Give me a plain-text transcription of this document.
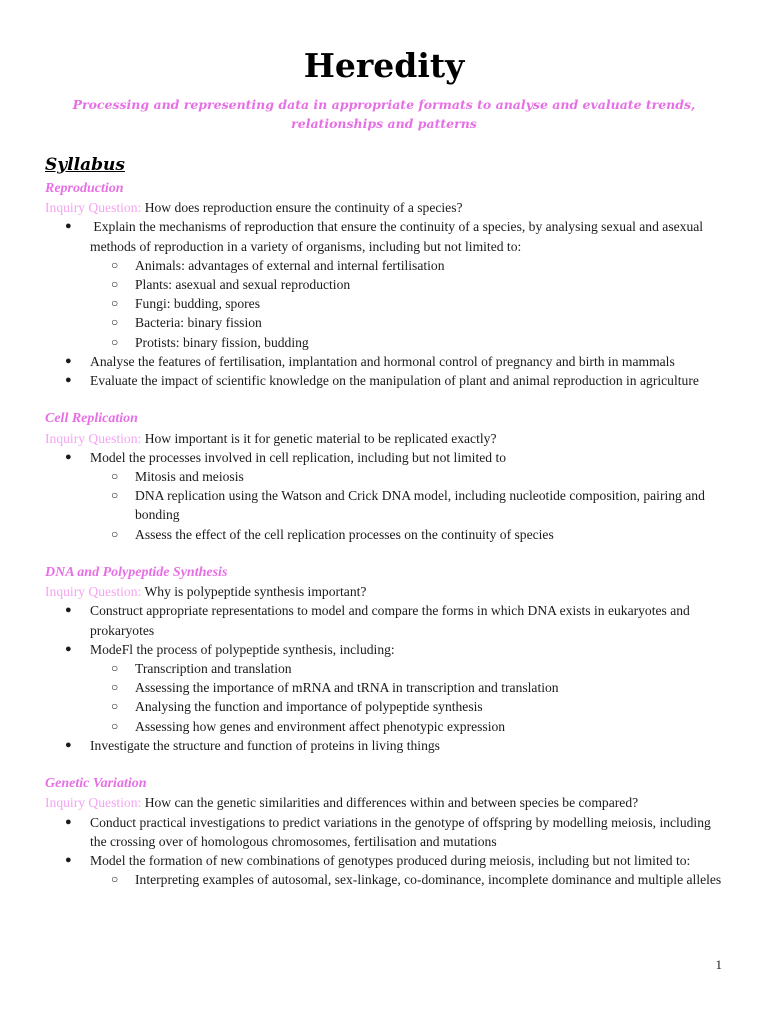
Heredity
Processing and representing data in appropriate formats to analyse and evaluate trends, relationships and patterns
Syllabus
Reproduction
Inquiry Question: How does reproduction ensure the continuity of a species?
● Explain the mechanisms of reproduction that ensure the continuity of a species, by analysing sexual and asexual methods of reproduction in a variety of organisms, including but not limited to:
○ Animals: advantages of external and internal fertilisation
○ Plants: asexual and sexual reproduction
○ Fungi: budding, spores
○ Bacteria: binary fission
○ Protists: binary fission, budding
● Analyse the features of fertilisation, implantation and hormonal control of pregnancy and birth in mammals
● Evaluate the impact of scientific knowledge on the manipulation of plant and animal reproduction in agriculture
Cell Replication
Inquiry Question: How important is it for genetic material to be replicated exactly?
● Model the processes involved in cell replication, including but not limited to
○ Mitosis and meiosis
○ DNA replication using the Watson and Crick DNA model, including nucleotide composition, pairing and bonding
○ Assess the effect of the cell replication processes on the continuity of species
DNA and Polypeptide Synthesis
Inquiry Question: Why is polypeptide synthesis important?
● Construct appropriate representations to model and compare the forms in which DNA exists in eukaryotes and prokaryotes
● ModeFl the process of polypeptide synthesis, including:
○ Transcription and translation
○ Assessing the importance of mRNA and tRNA in transcription and translation
○ Analysing the function and importance of polypeptide synthesis
○ Assessing how genes and environment affect phenotypic expression
● Investigate the structure and function of proteins in living things
Genetic Variation
Inquiry Question: How can the genetic similarities and differences within and between species be compared?
● Conduct practical investigations to predict variations in the genotype of offspring by modelling meiosis, including the crossing over of homologous chromosomes, fertilisation and mutations
● Model the formation of new combinations of genotypes produced during meiosis, including but not limited to:
○ Interpreting examples of autosomal, sex-linkage, co-dominance, incomplete dominance and multiple alleles
1
